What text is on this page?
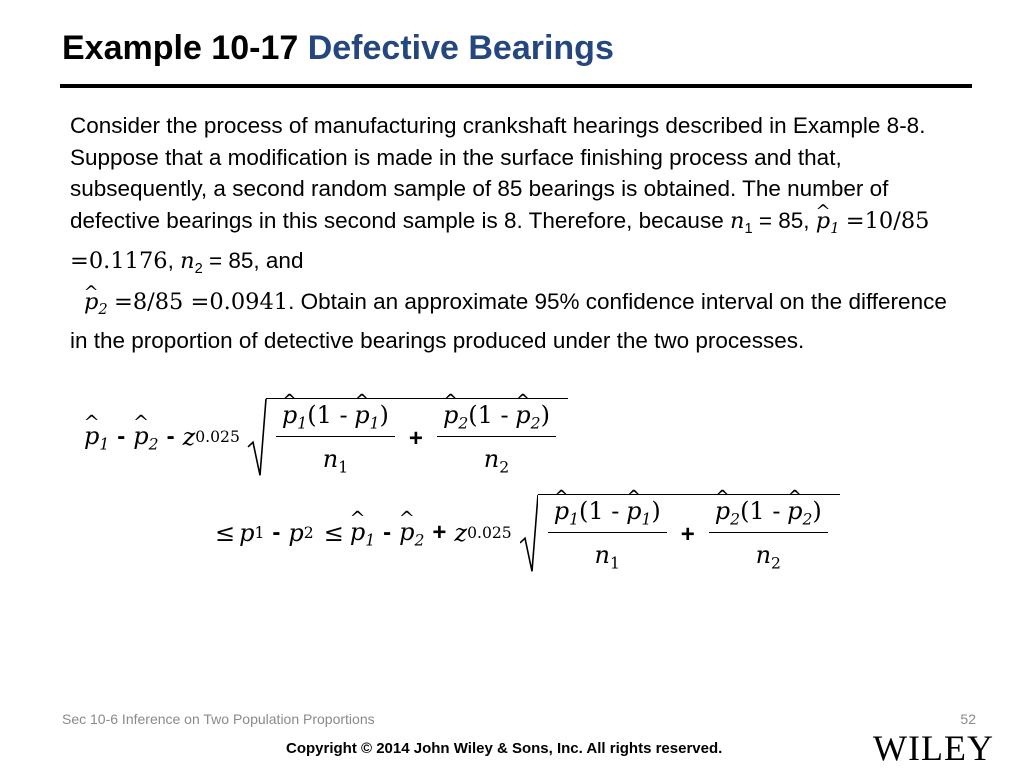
Example 10-17 Defective Bearings

Consider the process of manufacturing crankshaft hearings described in Example 8-8. Suppose that a modification is made in the surface finishing process and that, subsequently, a second random sample of 85 bearings is obtained. The number of defective bearings in this second sample is 8. Therefore, because $n_1 = 85$, ^ $p_1 =10/85 =0.1176$, $n_2 = 85$, and
^ $p_2 =8/85 =0.0941$. Obtain an approximate 95% confidence interval on the difference in the proportion of detective bearings produced under the two processes.

^ $p_1$ - ^ $p_2$ - z 0.025 ^ $\frac{p_1(1 - \^{} p_1)}{n_1}$ + ^ $\frac{p_2(1 - \^{} p_2)}{n_2}$
≤ p 1 - p 2 ≤ ^ $p_1$ - ^ $p_2 + z$ 0.025 ^ $\frac{p_1(1 - \^{} p_1)}{n_1}$ + ^ $\frac{p_2(1 - \^{} p_2)}{n_2}$
Sec 10-6 Inference on Two Population Proportions	52
Copyright © 2014 John Wiley & Sons, Inc. All rights reserved.	WILEY
